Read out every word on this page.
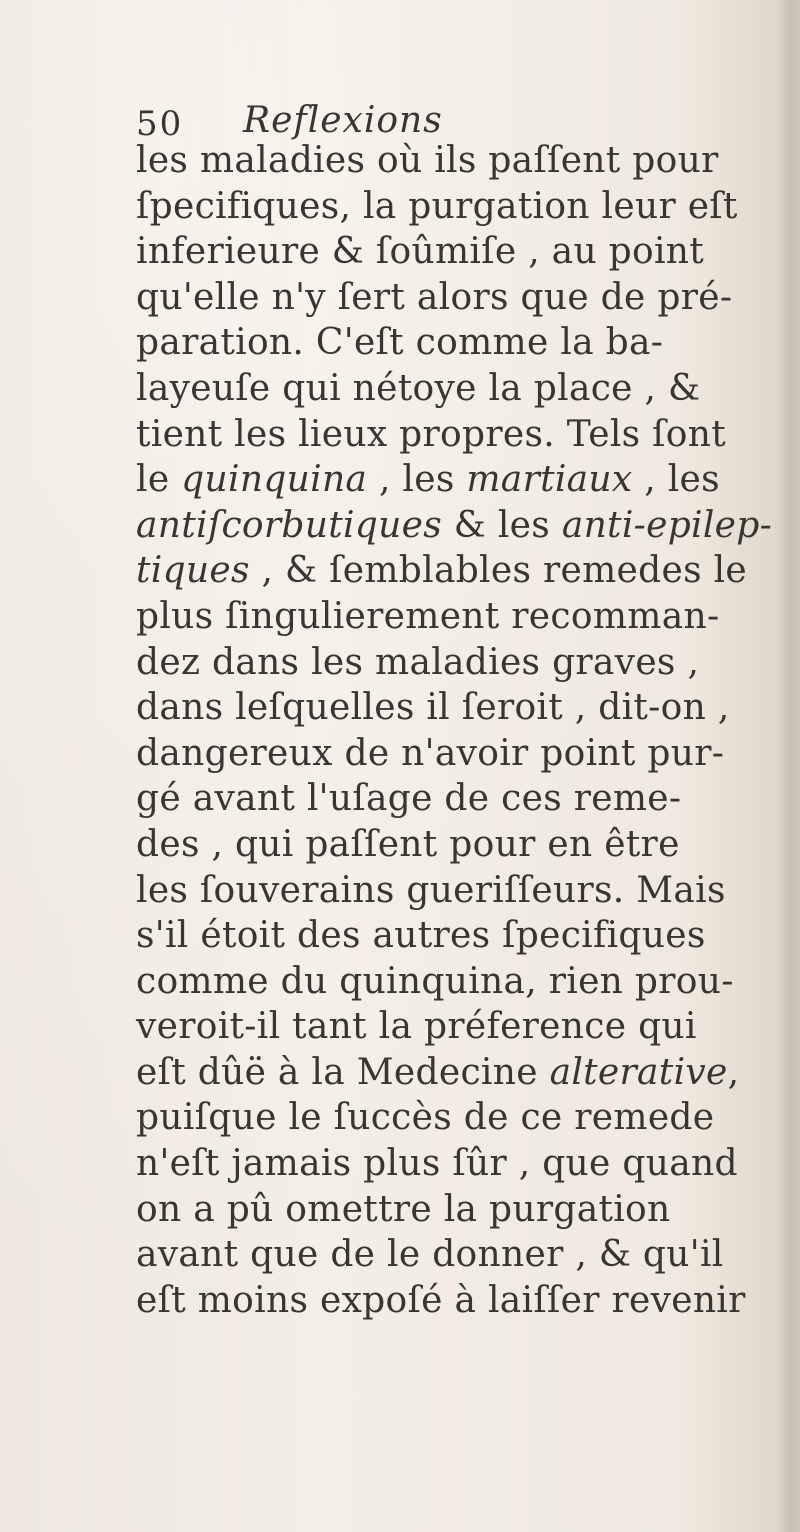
50 Reflexions
les maladies où ils paſſent pour
ſpecifiques, la purgation leur eſt
inferieure & ſoûmiſe , au point
qu'elle n'y ſert alors que de pré-
paration. C'eſt comme la ba-
layeuſe qui nétoye la place , &
tient les lieux propres. Tels ſont
le quinquina , les martiaux , les
antiſcorbutiques & les anti-epilep-
tiques , & ſemblables remedes le
plus ſingulierement recomman-
dez dans les maladies graves ,
dans leſquelles il ſeroit , dit-on ,
dangereux de n'avoir point pur-
gé avant l'uſage de ces reme-
des , qui paſſent pour en être
les ſouverains gueriſſeurs. Mais
s'il étoit des autres ſpecifiques
comme du quinquina, rien prou-
veroit-il tant la préference qui
eſt dûë à la Medecine alterative,
puiſque le ſuccès de ce remede
n'eſt jamais plus ſûr , que quand
on a pû omettre la purgation
avant que de le donner , & qu'il
eſt moins expoſé à laiſſer revenir
